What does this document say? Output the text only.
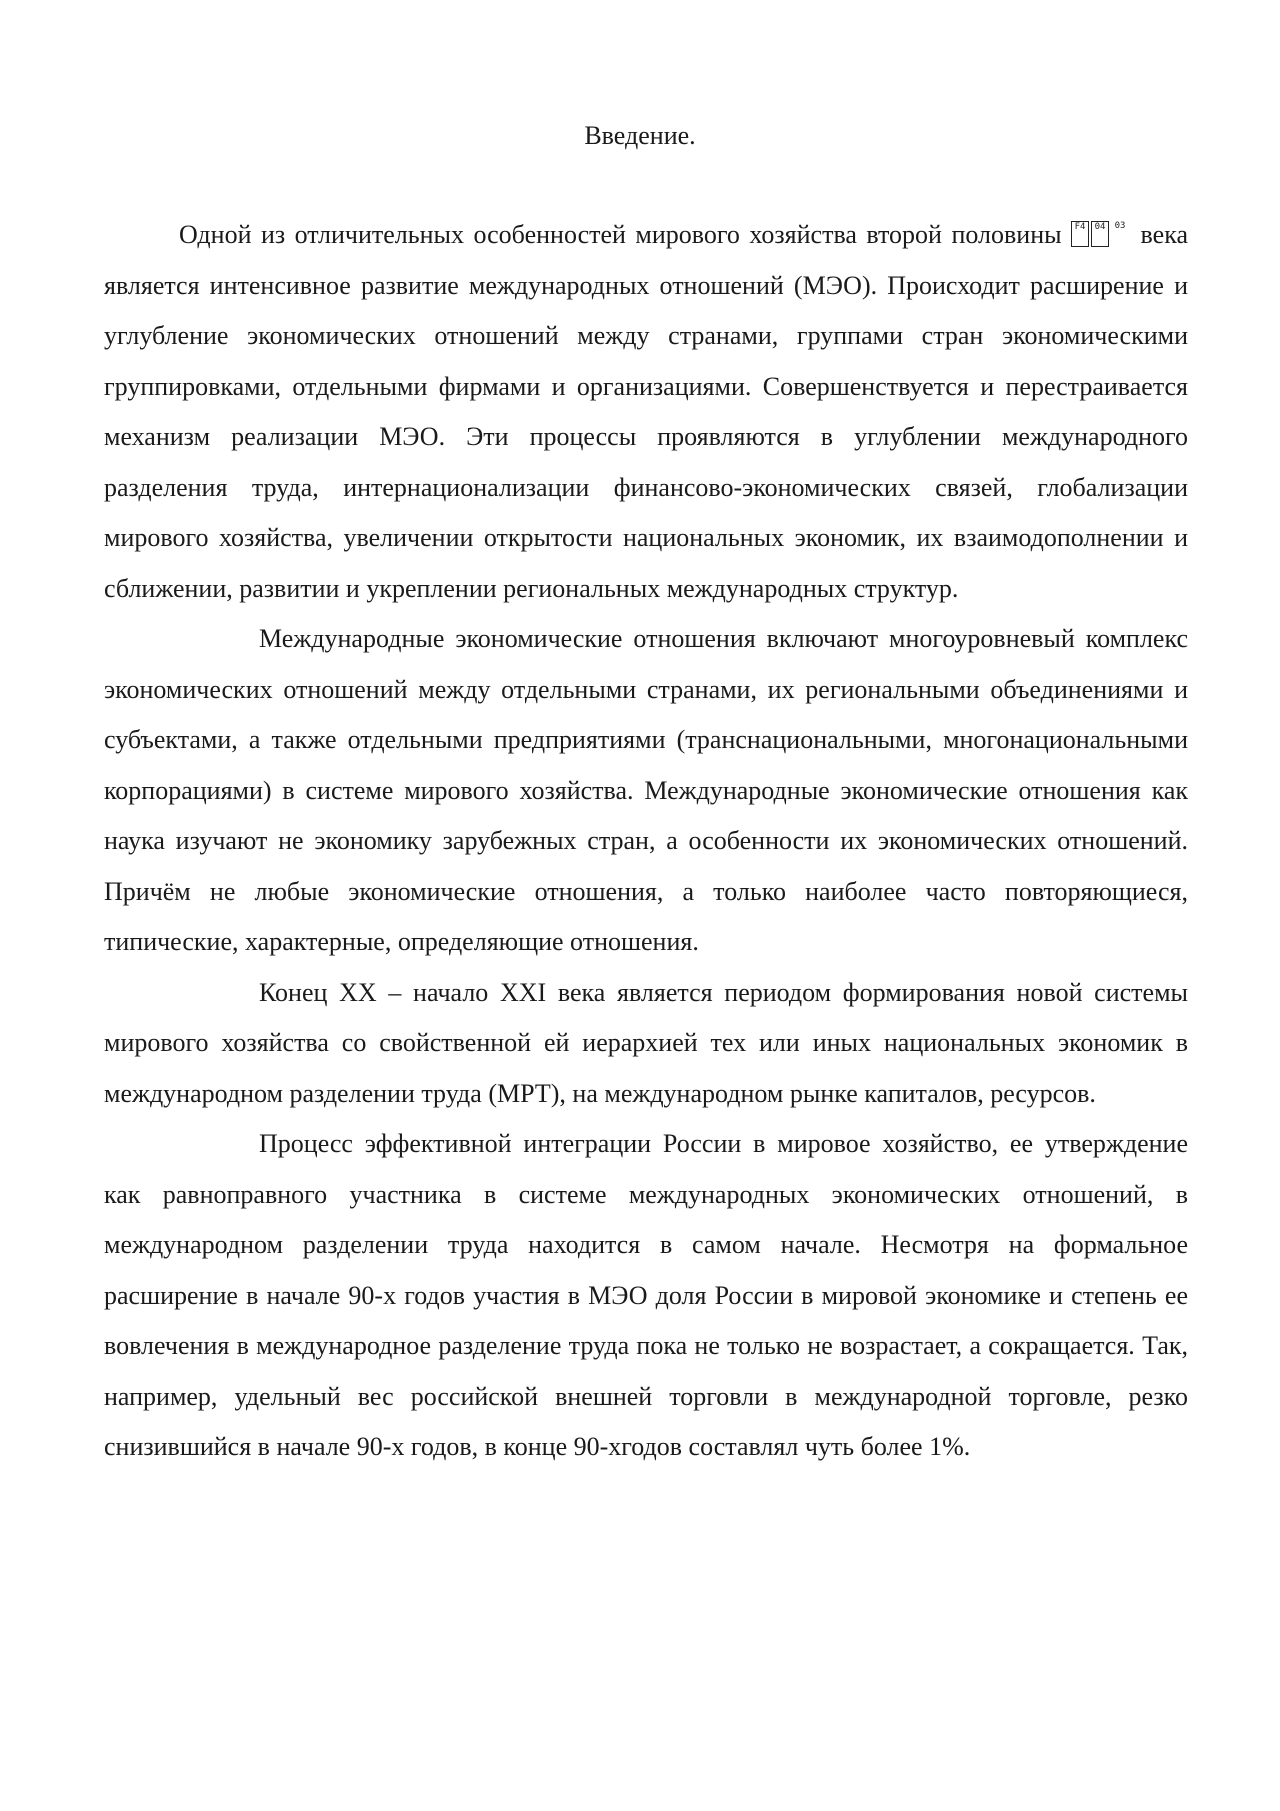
Введение.

Одной из отличительных особенностей мирового хозяйства второй половины	F4	04	03 века является интенсивное развитие международных отношений (МЭО). Происходит расширение и углубление экономических отношений между странами, группами стран экономическими группировками, отдельными фирмами и организациями. Совершенствуется и перестраивается механизм реализации МЭО. Эти процессы проявляются в углублении международного разделения труда, интернационализации финансово-экономических связей, глобализации мирового хозяйства, увеличении открытости национальных экономик, их взаимодополнении и сближении, развитии и укреплении региональных международных структур.

Международные экономические отношения включают многоуровневый комплекс экономических отношений между отдельными странами, их региональными объединениями и субъектами, а также отдельными предприятиями (транснациональными, многонациональными корпорациями) в системе мирового хозяйства. Международные экономические отношения как наука изучают не экономику зарубежных стран, а особенности их экономических отношений. Причём не любые экономические отношения, а только наиболее часто повторяющиеся, типические, характерные, определяющие отношения.

Конец XX – начало XXI века является периодом формирования новой системы мирового хозяйства со свойственной ей иерархией тех или иных национальных экономик в международном разделении труда (МРТ), на международном рынке капиталов, ресурсов.

Процесс эффективной интеграции России в мировое хозяйство, ее утверждение как равноправного участника в системе международных экономических отношений, в международном разделении труда находится в самом начале. Несмотря на формальное расширение в начале 90-х годов участия в МЭО доля России в мировой экономике и степень ее вовлечения в международное разделение труда пока не только не возрастает, а сокращается. Так, например, удельный вес российской внешней торговли в международной торговле, резко снизившийся в начале 90-х годов, в конце 90-хгодов составлял чуть более 1%.
